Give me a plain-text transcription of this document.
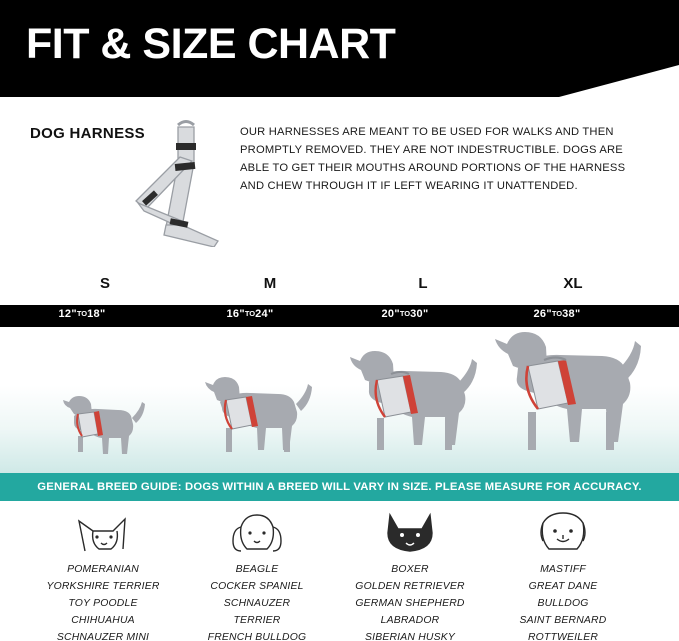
FIT & SIZE CHART
DOG HARNESS	OUR HARNESSES ARE MEANT TO BE USED FOR WALKS AND THEN PROMPTLY REMOVED. THEY ARE NOT INDESTRUCTIBLE. DOGS ARE ABLE TO GET THEIR MOUTHS AROUND PORTIONS OF THE HARNESS AND CHEW THROUGH IT IF LEFT WEARING IT UNATTENDED.
S	M	L	XL
12"TO18"	16"TO24"	20"TO30"	26"TO38"
GENERAL BREED GUIDE: DOGS WITHIN A BREED WILL VARY IN SIZE. PLEASE MEASURE FOR ACCURACY.
POMERANIAN
YORKSHIRE TERRIER
TOY POODLE
CHIHUAHUA
SCHNAUZER MINI
BEAGLE
COCKER SPANIEL
SCHNAUZER
TERRIER
FRENCH BULLDOG
BOXER
GOLDEN RETRIEVER
GERMAN SHEPHERD
LABRADOR
SIBERIAN HUSKY
MASTIFF
GREAT DANE
BULLDOG
SAINT BERNARD
ROTTWEILER
